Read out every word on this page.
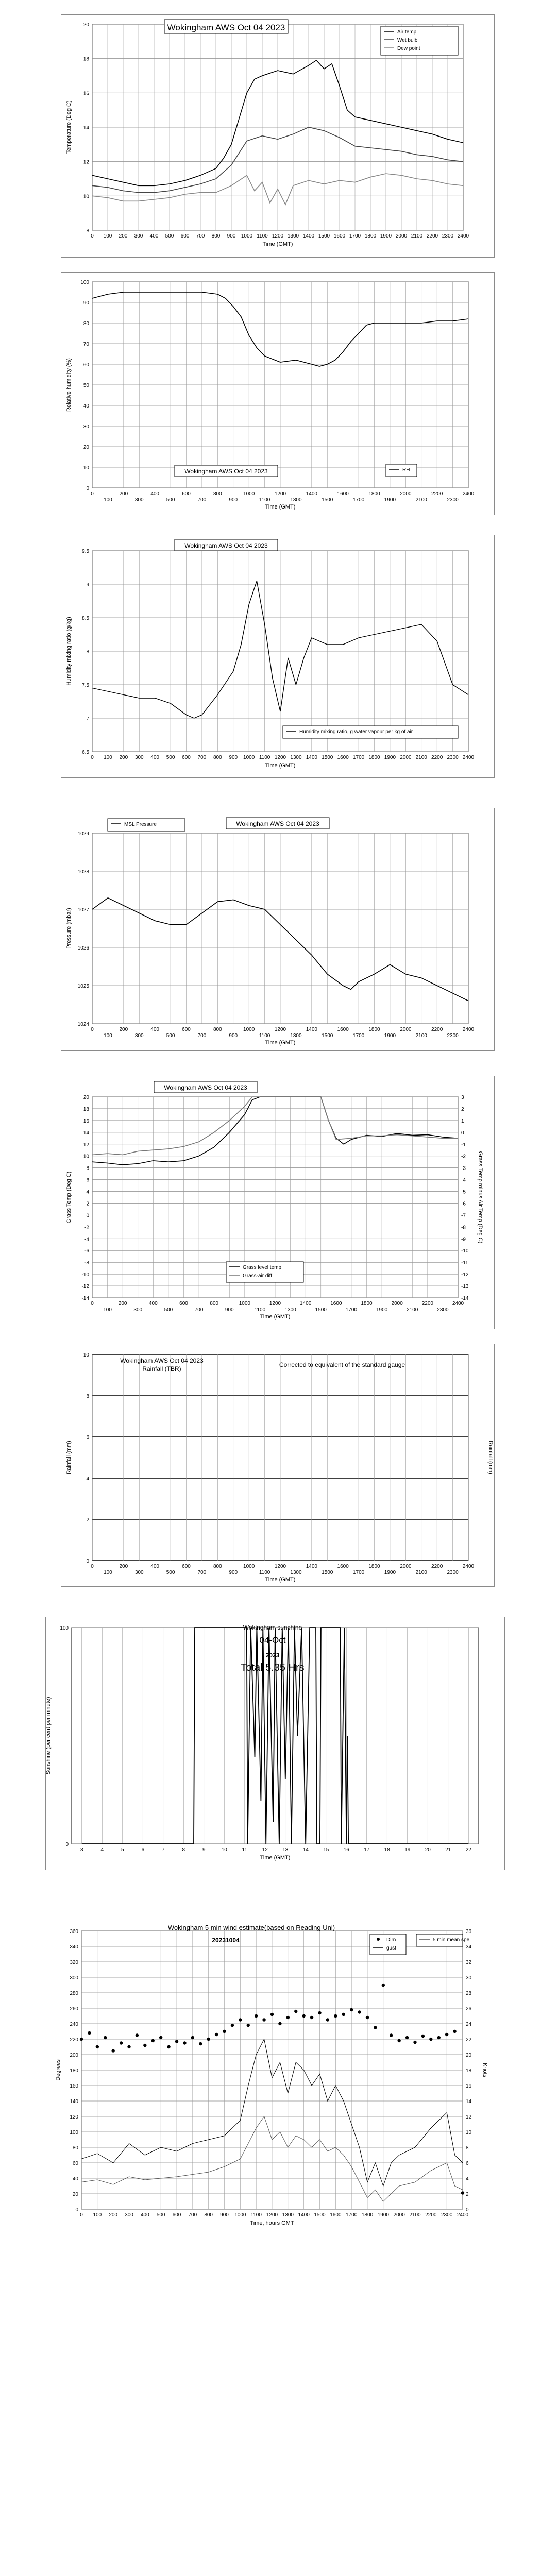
8
10
12
14
16
18
20
0 100 200 300 400 500 600 700 800 900 1000 1100 1200 1300 1400 1500 1600 1700 1800 1900 2000 2100 2200 2300 2400
Time (GMT)
Temperature (Deg C)
Wokingham AWS Oct 04 2023	Air temp
Wet bulb
Dew point
0
10
20
30
40
50
60
70
80
90
100
0
100
200
300
400
500
600
700
800
900
1000
1100
1200
1300
1400
1500
1600
1700
1800
1900
2000
2100
2200
2300
2400
Time (GMT)
Relative humidity (%)
Wokingham AWS Oct 04 2023	RH
6.5
7
7.5
8
8.5
9
9.5
0 100 200 300 400 500 600 700 800 900 1000 1100 1200 1300 1400 1500 1600 1700 1800 1900 2000 2100 2200 2300 2400
Time (GMT)
Humidity mixing ratio (g/kg)
Wokingham AWS Oct 04 2023
Humidity mixing ratio, g water vapour per kg of air
1024
1025
1026
1027
1028
1029
0
100
200
300
400
500
600
700
800
900
1000
1100
1200
1300
1400
1500
1600
1700
1800
1900
2000
2100
2200
2300
2400
Time (GMT)
Pressure (mbar)
Wokingham AWS Oct 04 2023
MSL Pressure
-14
-12
-10
-8
-6
-4
-2
0
2
4
6
8
10
12
14
16
18
20
-14
-13
-12
-11
-10
-9
-8
-7
-6
-5
-4
-3
-2
-1
0
1
2
3
0
100
200
300
400
500
600
700
800
900
1000
1100
1200
1300
1400
1500
1600
1700
1800
1900
2000
2100
2200
2300
2400
Time (GMT)
Grass Temp (Deg C)	Grass Temp minus Air Temp (Deg C)
Wokingham AWS Oct 04 2023
Grass level temp
Grass-air diff
0
2
4
6
8
10
0
100
200
300
400
500
600
700
800
900
1000
1100
1200
1300
1400
1500
1600
1700
1800
1900
2000
2100
2200
2300
2400
Time (GMT)
Rainfall (mm)	Rainfall (mm)
Wokingham AWS Oct 04 2023
Rainfall (TBR)
Corrected to equivalent of the standard gauge
0
100
3	4	5	6	7	8	9	10	11	12	13	14	15	16	17	18	19	20	21	22
Time (GMT)
Sunshine (per cent per minute)
Wokingham sunshine
04-Oct
2023
Total 5.35 Hrs
0
20
40
60
80
100
120
140
160
180
200
220
240
260
280
300
320
340
360
0
2
4
6
8
10
12
14
16
18
20
22
24
26
28
30
32
34
36
0 100 200 300 400 500 600 700 800 900 1000 1100 1200 1300 1400 1500 1600 1700 1800 1900 2000 2100 2200 2300 2400
Time, hours GMT
Degrees	Knots
Wokingham 5 min wind estimate(based on Reading Uni)
20231004	Dirn
gust
5 min mean spe
